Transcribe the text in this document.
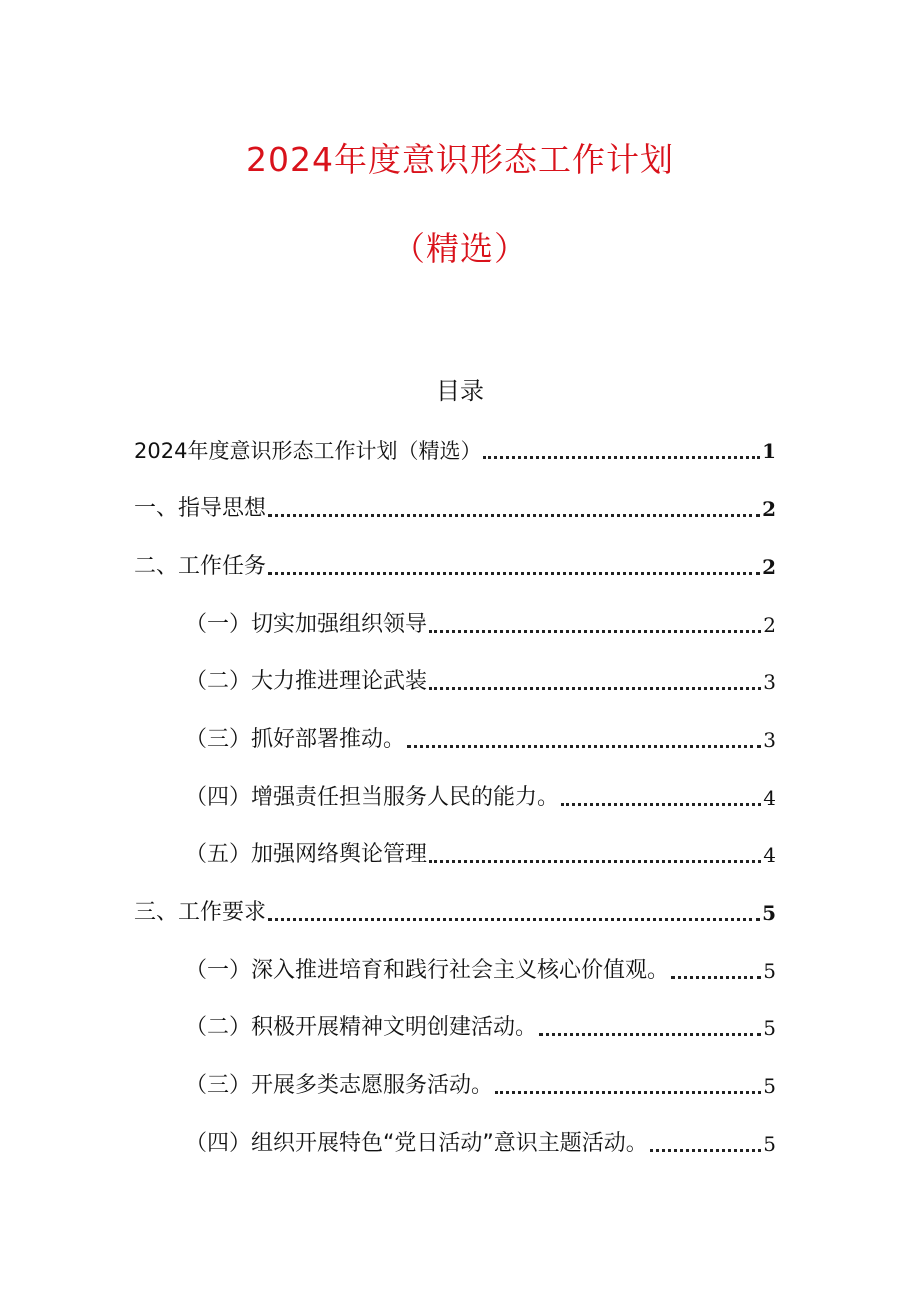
2024年度意识形态工作计划
（精选）
目录
2024年度意识形态工作计划（精选）	1
一、指导思想	2
二、工作任务	2
（一）切实加强组织领导	2
（二）大力推进理论武装	3
（三）抓好部署推动。	3
（四）增强责任担当服务人民的能力。	4
（五）加强网络舆论管理	4
三、工作要求	5
（一）深入推进培育和践行社会主义核心价值观。	5
（二）积极开展精神文明创建活动。	5
（三）开展多类志愿服务活动。	5
（四）组织开展特色“党日活动”意识主题活动。	5
